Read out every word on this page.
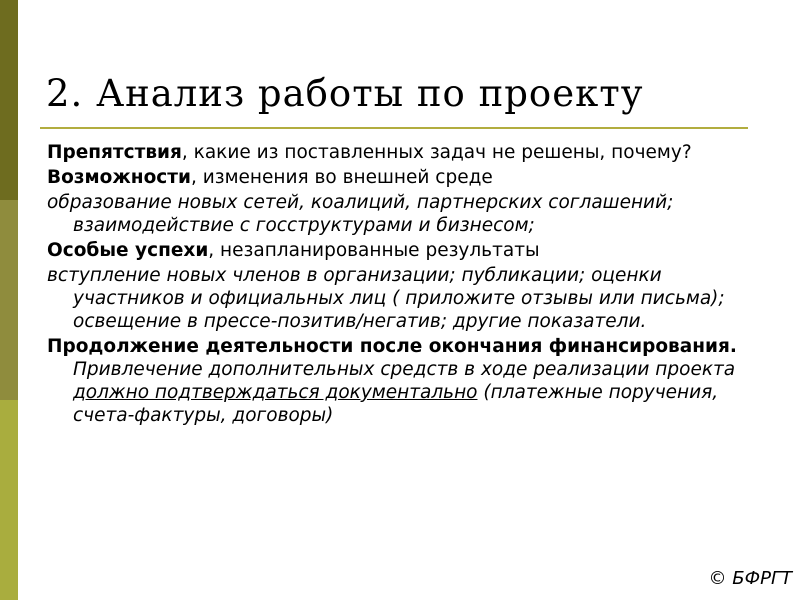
2. Анализ работы по проекту

Препятствия, какие из поставленных задач не решены, почему?

Возможности, изменения во внешней среде

образование новых сетей, коалиций, партнерских соглашений; взаимодействие с госструктурами и бизнесом;

Особые успехи, незапланированные результаты

вступление новых членов в организации; публикации; оценки участников и официальных лиц ( приложите отзывы или письма); освещение в прессе-позитив/негатив; другие показатели.

Продолжение деятельности после окончания финансирования. Привлечение дополнительных средств в ходе реализации проекта должно подтверждаться документально (платежные поручения, счета-фактуры, договоры)

© БФРГТ
